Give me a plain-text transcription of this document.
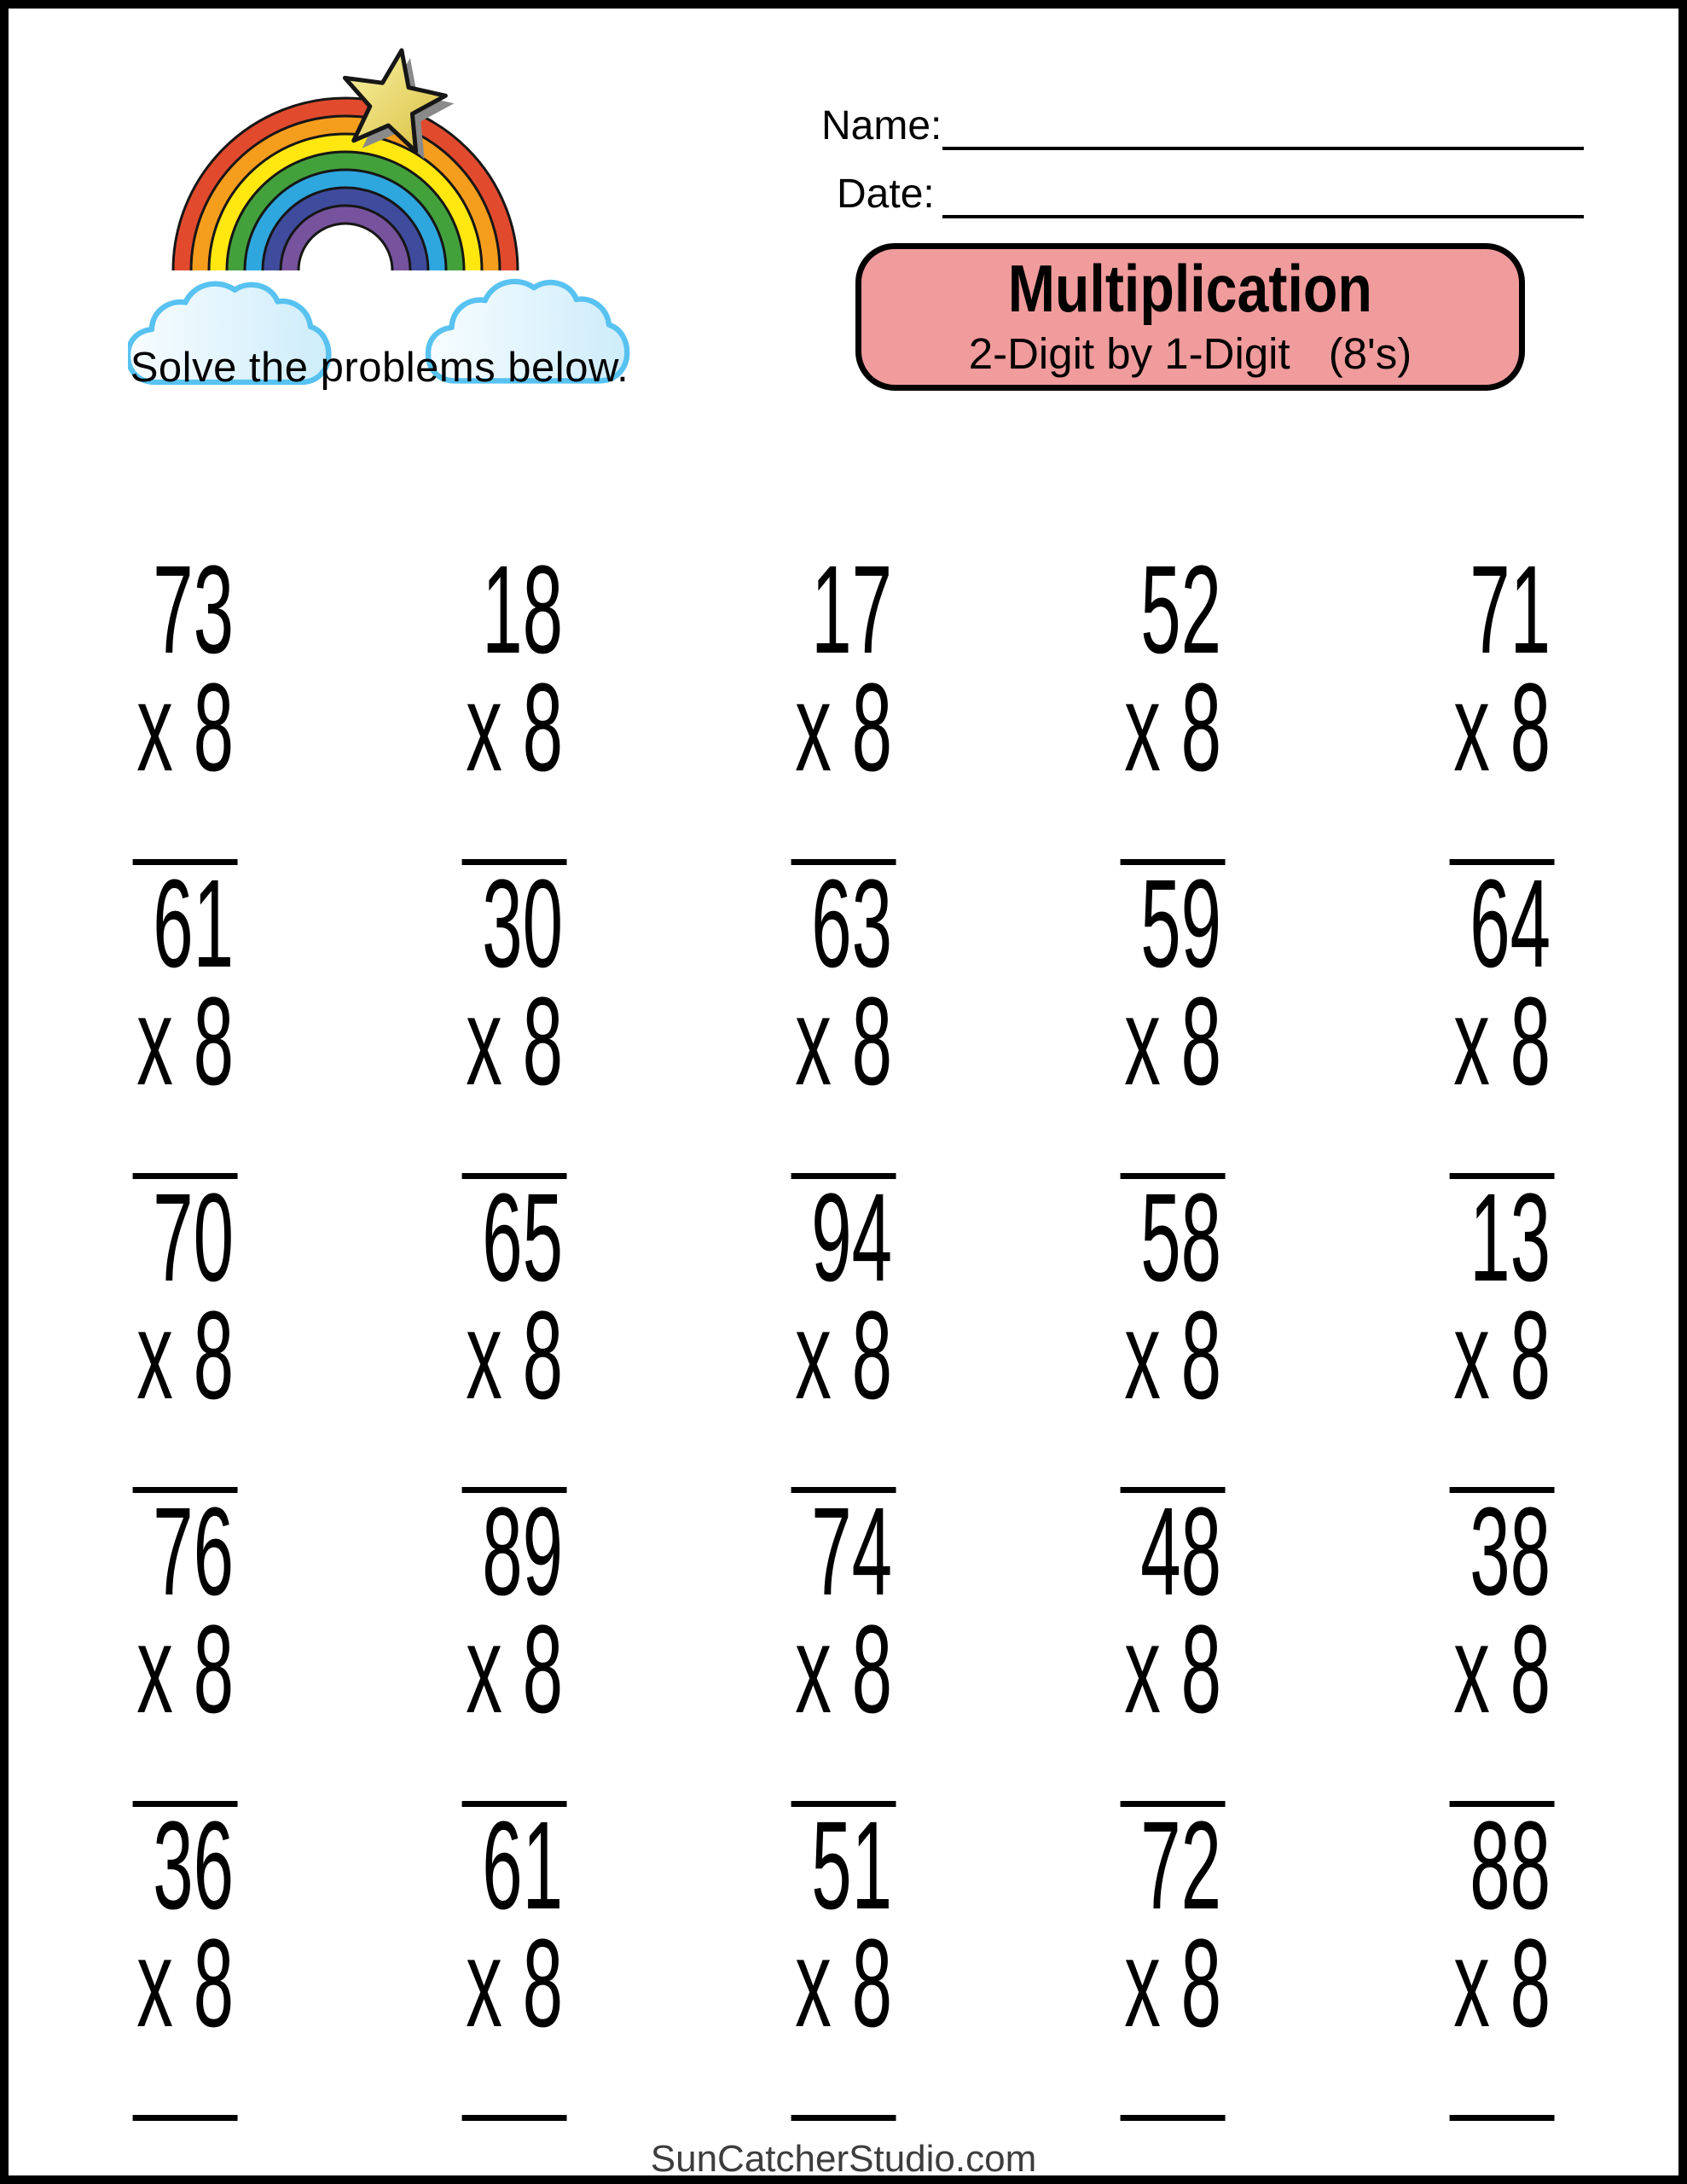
Solve the problems below.
Name:
Date:
Multiplication
2-Digit by 1-Digit (8's)
73
x 8
18
x 8
17
x 8
52
x 8
71
x 8
61
x 8
30
x 8
63
x 8
59
x 8
64
x 8
70
x 8
65
x 8
94
x 8
58
x 8
13
x 8
76
x 8
89
x 8
74
x 8
48
x 8
38
x 8
36
x 8
61
x 8
51
x 8
72
x 8
88
x 8
SunCatcherStudio.com
